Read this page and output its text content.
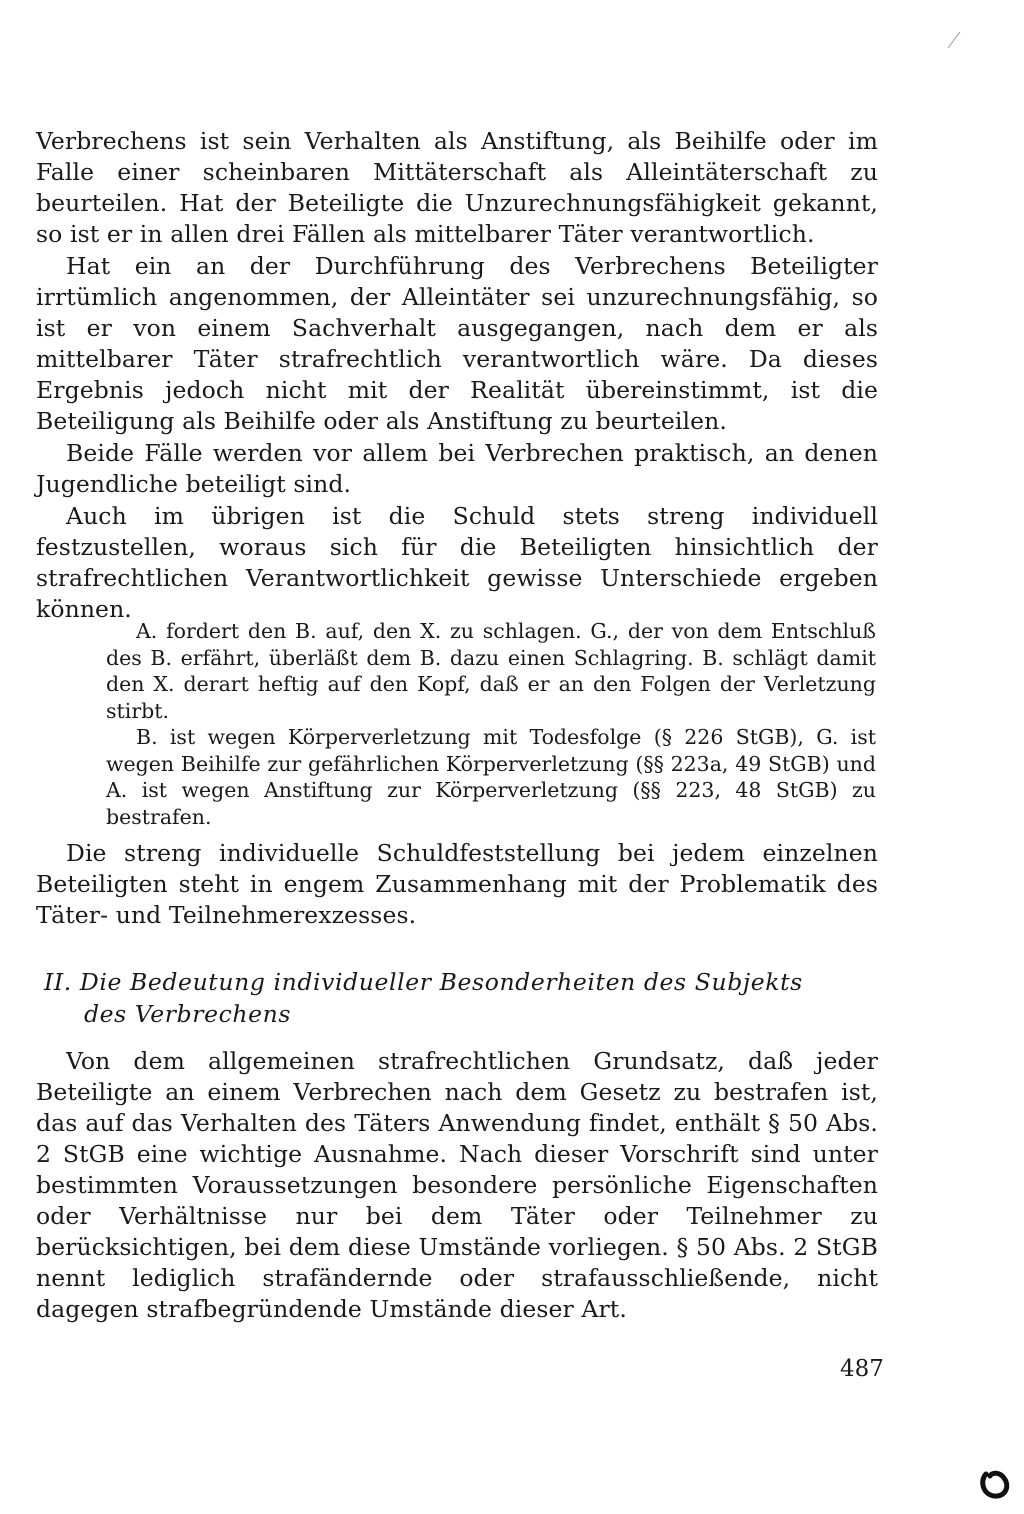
Verbrechens ist sein Verhalten als Anstiftung, als Beihilfe oder im Falle einer scheinbaren Mittäterschaft als Alleintäterschaft zu beurteilen. Hat der Beteiligte die Unzurechnungsfähigkeit gekannt, so ist er in allen drei Fällen als mittelbarer Täter verantwortlich.

Hat ein an der Durchführung des Verbrechens Beteiligter irrtümlich angenommen, der Alleintäter sei unzurechnungsfähig, so ist er von einem Sachverhalt ausgegangen, nach dem er als mittelbarer Täter strafrechtlich verantwortlich wäre. Da dieses Ergebnis jedoch nicht mit der Realität übereinstimmt, ist die Beteiligung als Beihilfe oder als Anstiftung zu beurteilen.

Beide Fälle werden vor allem bei Verbrechen praktisch, an denen Jugendliche beteiligt sind.

Auch im übrigen ist die Schuld stets streng individuell festzustellen, woraus sich für die Beteiligten hinsichtlich der strafrechtlichen Verantwortlichkeit gewisse Unterschiede ergeben können.

A. fordert den B. auf, den X. zu schlagen. G., der von dem Entschluß des B. erfährt, überläßt dem B. dazu einen Schlagring. B. schlägt damit den X. derart heftig auf den Kopf, daß er an den Folgen der Verletzung stirbt.

B. ist wegen Körperverletzung mit Todesfolge (§ 226 StGB), G. ist wegen Beihilfe zur gefährlichen Körperverletzung (§§ 223a, 49 StGB) und A. ist wegen Anstiftung zur Körperverletzung (§§ 223, 48 StGB) zu bestrafen.

Die streng individuelle Schuldfeststellung bei jedem einzelnen Beteiligten steht in engem Zusammenhang mit der Problematik des Täter- und Teilnehmerexzesses.

II. Die Bedeutung individueller Besonderheiten des Subjekts
des Verbrechens

Von dem allgemeinen strafrechtlichen Grundsatz, daß jeder Beteiligte an einem Verbrechen nach dem Gesetz zu bestrafen ist, das auf das Verhalten des Täters Anwendung findet, enthält § 50 Abs. 2 StGB eine wichtige Ausnahme. Nach dieser Vorschrift sind unter bestimmten Voraussetzungen besondere persönliche Eigenschaften oder Verhältnisse nur bei dem Täter oder Teilnehmer zu berücksichtigen, bei dem diese Umstände vorliegen. § 50 Abs. 2 StGB nennt lediglich strafändernde oder strafausschließende, nicht dagegen strafbegründende Umstände dieser Art.

487
